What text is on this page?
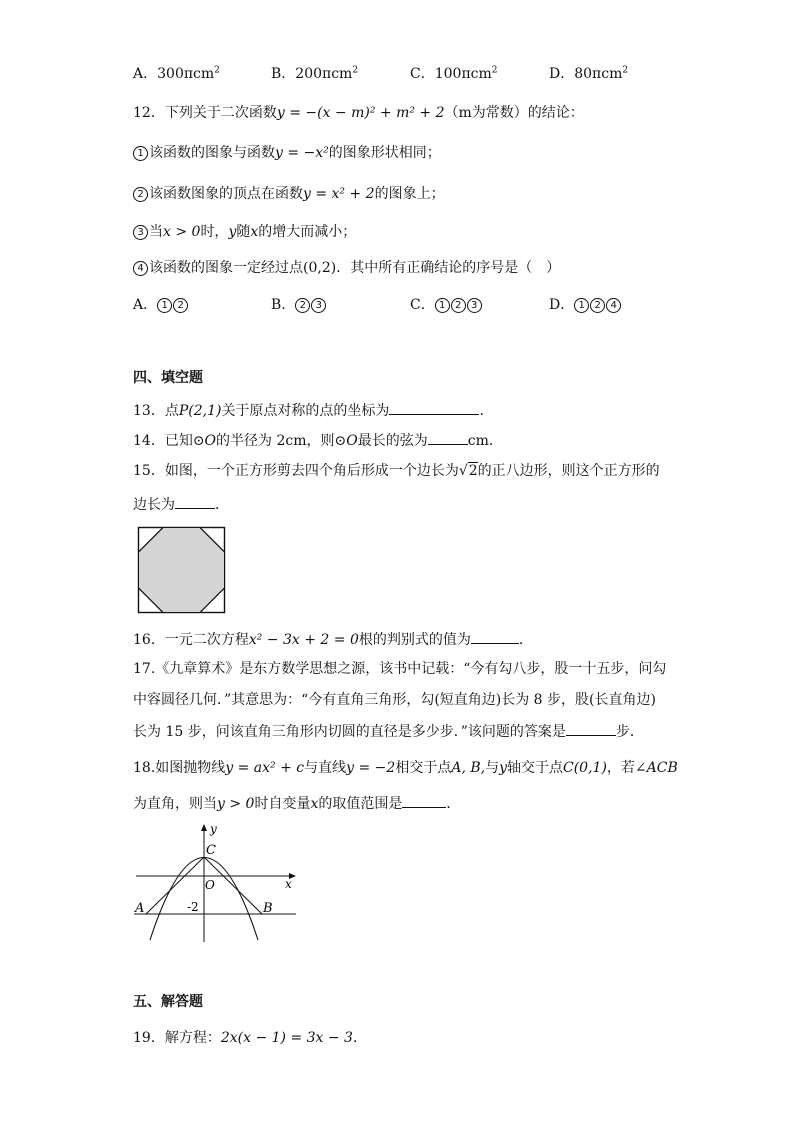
A．300πcm$^2$	B．200πcm$^2$	C．100πcm$^2$	D．80πcm$^2$
12．下列关于二次函数y = −(x − m)² + m² + 2（m为常数）的结论：
1 该函数的图象与函数y = −x²的图象形状相同；
2 该函数图象的顶点在函数y = x² + 2的图象上；
3 当x > 0时，y随x的增大而减小；
4 该函数的图象一定经过点(0,2)．其中所有正确结论的序号是（　）
A． 1 2	B． 2 3	C． 1 2 3	D． 1 2 4
四、填空题
13．点P(2,1)关于原点对称的点的坐标为	.
14．已知⊙O的半径为 2cm，则⊙O最长的弦为	cm.
15．如图，一个正方形剪去四个角后形成一个边长为√2的正八边形，则这个正方形的
边长为	．
16．一元二次方程x² − 3x + 2 = 0根的判别式的值为	．
17.《九章算术》是东方数学思想之源，该书中记载：“今有勾八步，股一十五步，问勾
中容圆径几何．”其意思为：“今有直角三角形，勾(短直角边)长为 8 步，股(长直角边)
长为 15 步，问该直角三角形内切圆的直径是多少步．”该问题的答案是	步．
18.如图抛物线y = ax² + c与直线y = −2相交于点A, B,与y轴交于点C(0,1)，若∠ACB
为直角，则当y > 0时自变量x的取值范围是	．
y
x
C
O
A	B
-2
五、解答题
19．解方程：2x(x − 1) = 3x − 3．
